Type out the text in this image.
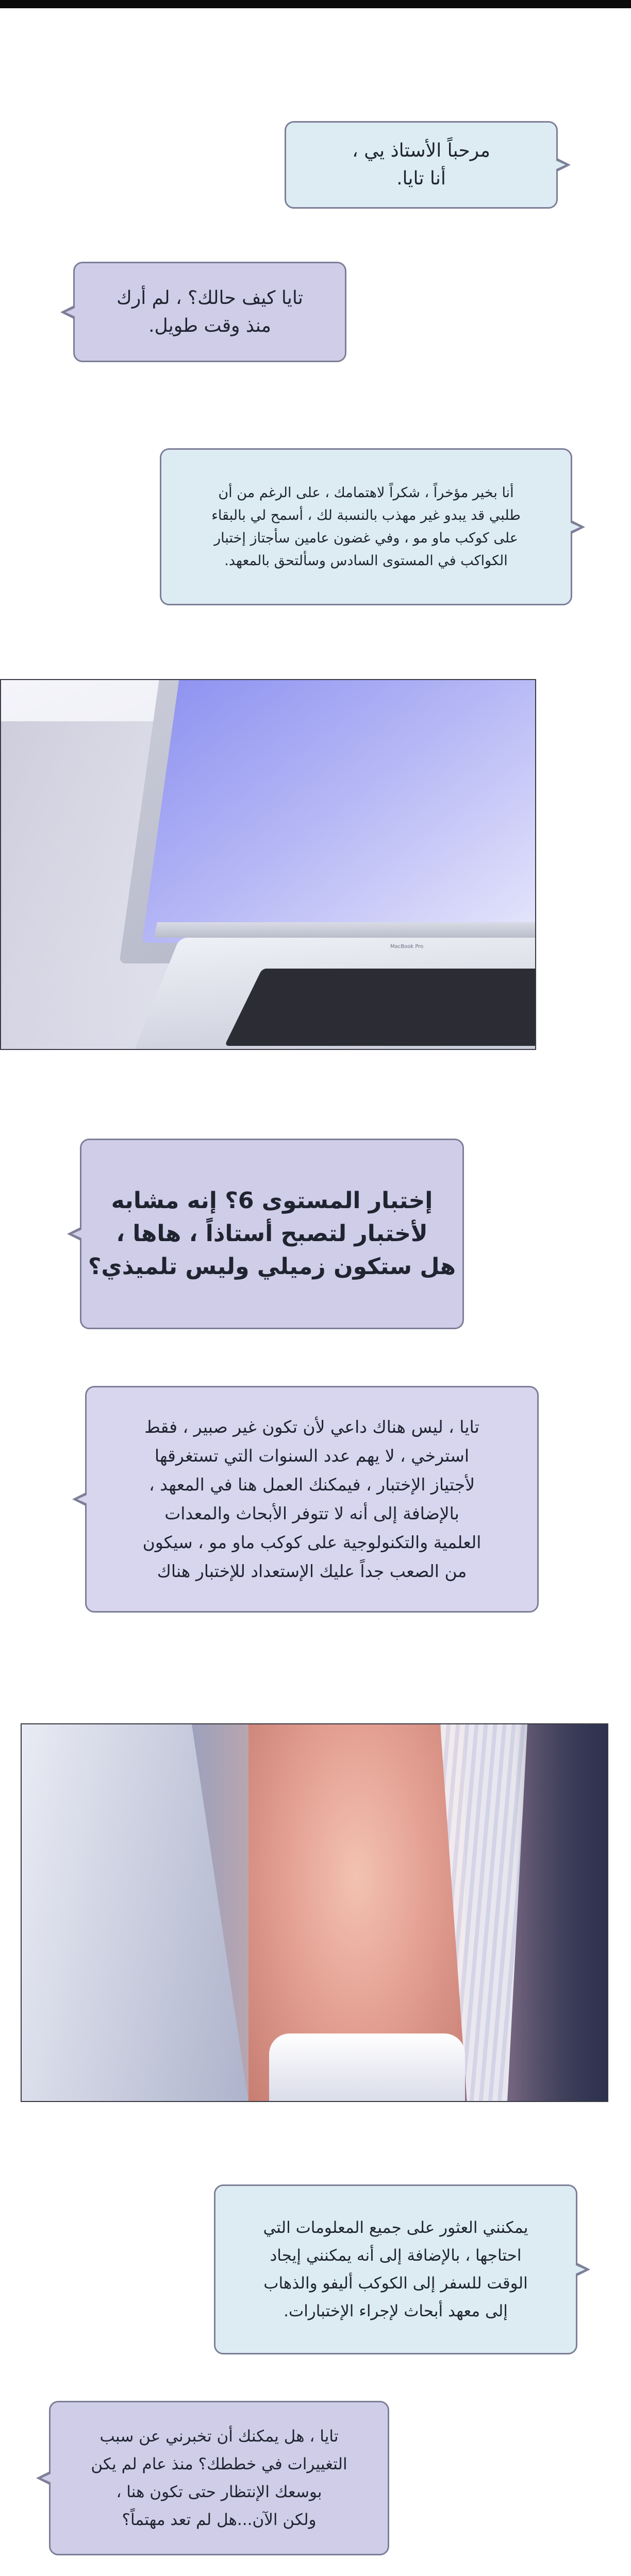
مرحباً الأستاذ يي ،
أنا تايا.
تايا كيف حالك؟ ، لم أرك
منذ وقت طويل.
أنا بخير مؤخراً ، شكراً لاهتمامك ، على الرغم من أن
طلبي قد يبدو غير مهذب بالنسبة لك ، أسمح لي بالبقاء
على كوكب ماو مو ، وفي غضون عامين سأجتاز إختبار
الكواكب في المستوى السادس وسألتحق بالمعهد.
MacBook Pro
إختبار المستوى 6؟ إنه مشابه
لأختبار لتصبح أستاذاً ، هاها ،
هل ستكون زميلي وليس تلميذي؟
تايا ، ليس هناك داعي لأن تكون غير صبير ، فقط
استرخي ، لا يهم عدد السنوات التي تستغرقها
لأجتياز الإختبار ، فيمكنك العمل هنا في المعهد ،
بالإضافة إلى أنه لا تتوفر الأبحاث والمعدات
العلمية والتكنولوجية على كوكب ماو مو ، سيكون
من الصعب جداً عليك الإستعداد للإختبار هناك
يمكنني العثور على جميع المعلومات التي
احتاجها ، بالإضافة إلى أنه يمكنني إيجاد
الوقت للسفر إلى الكوكب أليفو والذهاب
إلى معهد أبحاث لإجراء الإختبارات.
تايا ، هل يمكنك أن تخبرني عن سبب
التغييرات في خططك؟ منذ عام لم يكن
بوسعك الإنتظار حتى تكون هنا ،
ولكن الآن...هل لم تعد مهتماً؟
